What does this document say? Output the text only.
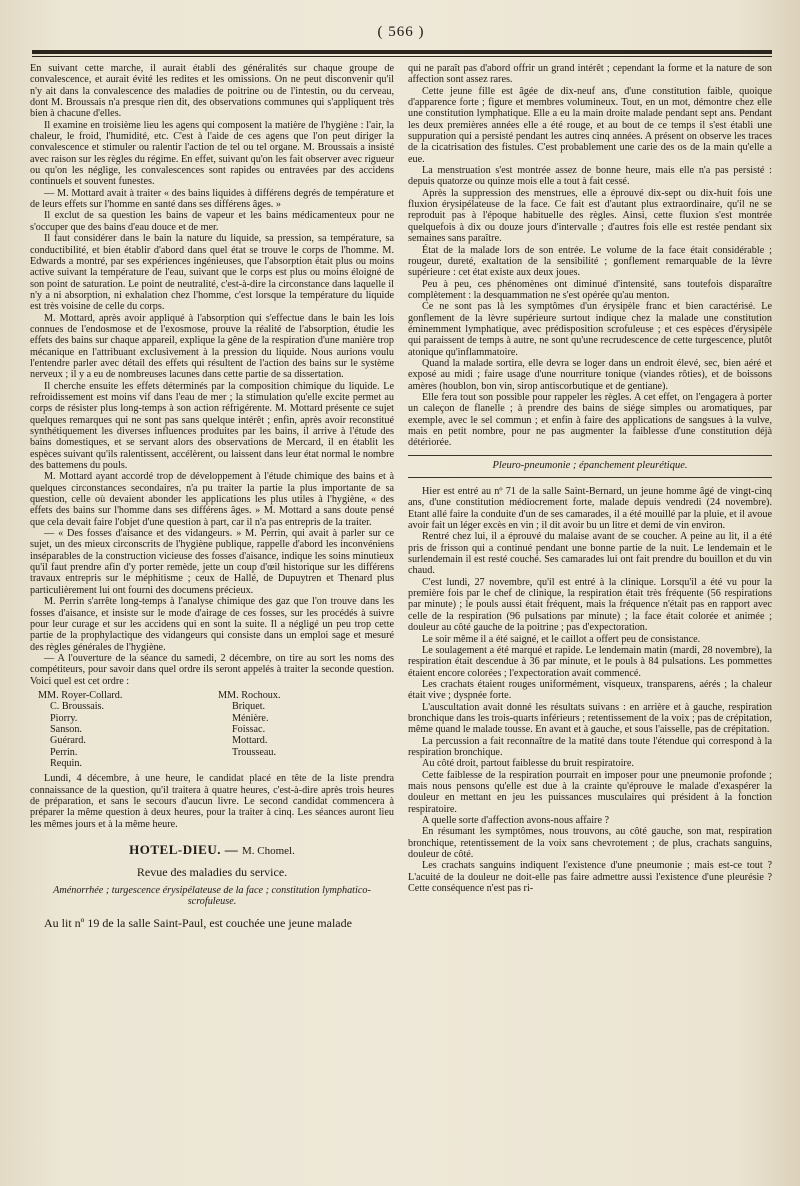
( 566 )

En suivant cette marche, il aurait établi des généralités sur chaque groupe de convalescence, et aurait évité les redites et les omissions. On ne peut disconvenir qu'il n'y ait dans la convalescence des maladies de poitrine ou de l'intestin, ou du cerveau, dont M. Broussais n'a presque rien dit, des observations communes qui s'appliquent très bien à chacune d'elles.

Il examine en troisième lieu les agens qui composent la matière de l'hygiène : l'air, la chaleur, le froid, l'humidité, etc. C'est à l'aide de ces agens que l'on peut diriger la convalescence et stimuler ou ralentir l'action de tel ou tel organe. M. Broussais a insisté avec raison sur les règles du régime. En effet, suivant qu'on les fait observer avec rigueur ou qu'on les néglige, les convalescences sont rapides ou entravées par des accidens continuels et souvent funestes.

— M. Mottard avait à traiter « des bains liquides à différens degrés de température et de leurs effets sur l'homme en santé dans ses différens âges. »

Il exclut de sa question les bains de vapeur et les bains médicamenteux pour ne s'occuper que des bains d'eau douce et de mer.

Il faut considérer dans le bain la nature du liquide, sa pression, sa température, sa conductibilité, et bien établir d'abord dans quel état se trouve le corps de l'homme. M. Edwards a montré, par ses expériences ingénieuses, que l'absorption était plus ou moins active suivant la température de l'eau, suivant que le corps est plus ou moins éloigné de son point de saturation. Le point de neutralité, c'est-à-dire la circonstance dans laquelle il n'y a ni absorption, ni exhalation chez l'homme, c'est lorsque la température du liquide est très voisine de celle du corps.

M. Mottard, après avoir appliqué à l'absorption qui s'effectue dans le bain les lois connues de l'endosmose et de l'exosmose, prouve la réalité de l'absorption, étudie les effets des bains sur chaque appareil, explique la gêne de la respiration d'une manière trop mécanique en l'attribuant exclusivement à la pression du liquide. Nous aurions voulu l'entendre parler avec détail des effets qui résultent de l'action des bains sur le système nerveux ; il y a eu de nombreuses lacunes dans cette partie de sa dissertation.

Il cherche ensuite les effets déterminés par la composition chimique du liquide. Le refroidissement est moins vif dans l'eau de mer ; la stimulation qu'elle excite permet au corps de résister plus long-temps à son action réfrigérente. M. Mottard présente ce sujet quelques remarques qui ne sont pas sans quelque intérêt ; enfin, après avoir reconstitué synthétiquement les diverses influences produites par les bains, il arrive à l'étude des bains domestiques, et se servant alors des observations de Mercard, il en établit les espèces suivant qu'ils ralentissent, accélèrent, ou laissent dans leur état normal le nombre des battemens du pouls.

M. Mottard ayant accordé trop de développement à l'étude chimique des bains et à quelques circonstances secondaires, n'a pu traiter la partie la plus importante de sa question, celle où devaient abonder les applications les plus utiles à l'hygiène, « des effets des bains sur l'homme dans ses différens âges. » M. Mottard a sans doute pensé que cela devait faire l'objet d'une question à part, car il n'a pas entrepris de la traiter.

— « Des fosses d'aisance et des vidangeurs. » M. Perrin, qui avait à parler sur ce sujet, un des mieux circonscrits de l'hygiène publique, rappelle d'abord les inconvéniens inséparables de la construction vicieuse des fosses d'aisance, indique les soins minutieux qu'il faut prendre afin d'y porter remède, jette un coup d'œil historique sur les différens travaux entrepris sur le méphitisme ; ceux de Hallé, de Dupuytren et Thenard plus particulièrement lui ont fourni des documens précieux.

M. Perrin s'arrête long-temps à l'analyse chimique des gaz que l'on trouve dans les fosses d'aisance, et insiste sur le mode d'airage de ces fosses, sur les procédés à suivre pour leur curage et sur les accidens qui en sont la suite. Il a négligé un peu trop cette partie de la prophylactique des vidangeurs qui consiste dans un emploi sage et mesuré des règles générales de l'hygiène.

— A l'ouverture de la séance du samedi, 2 décembre, on tire au sort les noms des compétiteurs, pour savoir dans quel ordre ils seront appelés à traiter la seconde question. Voici quel est cet ordre :

MM. Royer-Collard.
C. Broussais.
Piorry.
Sanson.
Guérard.
Perrin.
Requin.
MM. Rochoux.
Briquet.
Ménière.
Foissac.
Mottard.
Trousseau.

Lundi, 4 décembre, à une heure, le candidat placé en tête de la liste prendra connaissance de la question, qu'il traitera à quatre heures, c'est-à-dire après trois heures de préparation, et sans le secours d'aucun livre. Le second candidat commencera à préparer la même question à deux heures, pour la traiter à cinq. Les séances auront lieu les mêmes jours et à la même heure.

HOTEL-DIEU. — M. Chomel.
Revue des maladies du service.

Aménorrhée ; turgescence érysipélateuse de la face ; constitution lymphatico-scrofuleuse.

Au lit nº 19 de la salle Saint-Paul, est couchée une jeune malade

qui ne paraît pas d'abord offrir un grand intérêt ; cependant la forme et la nature de son affection sont assez rares.

Cette jeune fille est âgée de dix-neuf ans, d'une constitution faible, quoique d'apparence forte ; figure et membres volumineux. Tout, en un mot, démontre chez elle une constitution lymphatique. Elle a eu la main droite malade pendant sept ans. Pendant les deux premières années elle a été rouge, et au bout de ce temps il s'est établi une suppuration qui a persisté pendant les autres cinq années. A présent on observe les traces de la cicatrisation des fistules. C'est probablement une carie des os de la main qu'elle a eue.

La menstruation s'est montrée assez de bonne heure, mais elle n'a pas persisté : depuis quatorze ou quinze mois elle a tout à fait cessé.

Après la suppression des menstrues, elle a éprouvé dix-sept ou dix-huit fois une fluxion érysipélateuse de la face. Ce fait est d'autant plus extraordinaire, qu'il ne se reproduit pas à l'époque habituelle des règles. Ainsi, cette fluxion s'est montrée quelquefois à dix ou douze jours d'intervalle ; d'autres fois elle est restée pendant six semaines sans paraître.

État de la malade lors de son entrée. Le volume de la face était considérable ; rougeur, dureté, exaltation de la sensibilité ; gonflement remarquable de la lèvre supérieure : cet état existe aux deux joues.

Peu à peu, ces phénomènes ont diminué d'intensité, sans toutefois disparaître complètement : la desquammation ne s'est opérée qu'au menton.

Ce ne sont pas là les symptômes d'un érysipèle franc et bien caractérisé. Le gonflement de la lèvre supérieure surtout indique chez la malade une constitution éminemment lymphatique, avec prédisposition scrofuleuse ; et ces espèces d'érysipèle qui paraissent de temps à autre, ne sont qu'une recrudescence de cette turgescence, plutôt atonique qu'inflammatoire.

Quand la malade sortira, elle devra se loger dans un endroit élevé, sec, bien aéré et exposé au midi ; faire usage d'une nourriture tonique (viandes rôties), et de boissons amères (houblon, bon vin, sirop antiscorbutique et de gentiane).

Elle fera tout son possible pour rappeler les règles. A cet effet, on l'engagera à porter un caleçon de flanelle ; à prendre des bains de siége simples ou aromatiques, par exemple, avec le sel commun ; et enfin à faire des applications de sangsues à la vulve, mais en petit nombre, pour ne pas augmenter la faiblesse d'une constitution déjà détériorée.

Pleuro-pneumonie ; épanchement pleurétique.

Hier est entré au nº 71 de la salle Saint-Bernard, un jeune homme âgé de vingt-cinq ans, d'une constitution médiocrement forte, malade depuis vendredi (24 novembre). Etant allé faire la conduite d'un de ses camarades, il a été mouillé par la pluie, et il avoue avoir fait un léger excès en vin ; il dit avoir bu un litre et demi de vin environ.

Rentré chez lui, il a éprouvé du malaise avant de se coucher. A peine au lit, il a été pris de frisson qui a continué pendant une bonne partie de la nuit. Le lendemain et le surlendemain il est resté couché. Ses camarades lui ont fait prendre du bouillon et du vin chaud.

C'est lundi, 27 novembre, qu'il est entré à la clinique. Lorsqu'il a été vu pour la première fois par le chef de clinique, la respiration était très fréquente (56 respirations par minute) ; le pouls aussi était fréquent, mais la fréquence n'était pas en rapport avec celle de la respiration (96 pulsations par minute) ; la face était colorée et animée ; douleur au côté gauche de la poitrine ; pas d'expectoration.

Le soir même il a été saigné, et le caillot a offert peu de consistance.

Le soulagement a été marqué et rapide. Le lendemain matin (mardi, 28 novembre), la respiration était descendue à 36 par minute, et le pouls à 84 pulsations. Les pommettes étaient encore colorées ; l'expectoration avait commencé.

Les crachats étaient rouges uniformément, visqueux, transparens, aérés ; la chaleur était vive ; dyspnée forte.

L'auscultation avait donné les résultats suivans : en arrière et à gauche, respiration bronchique dans les trois-quarts inférieurs ; retentissement de la voix ; pas de crépitation, même quand le malade tousse. En avant et à gauche, et sous l'aisselle, pas de crépitation.

La percussion a fait reconnaître de la matité dans toute l'étendue qui correspond à la respiration bronchique.

Au côté droit, partout faiblesse du bruit respiratoire.

Cette faiblesse de la respiration pourrait en imposer pour une pneumonie profonde ; mais nous pensons qu'elle est due à la crainte qu'éprouve le malade d'exaspérer la douleur en mettant en jeu les puissances musculaires qui président à la fonction respiratoire.

A quelle sorte d'affection avons-nous affaire ?

En résumant les symptômes, nous trouvons, au côté gauche, son mat, respiration bronchique, retentissement de la voix sans chevrotement ; de plus, crachats sanguins, douleur de côté.

Les crachats sanguins indiquent l'existence d'une pneumonie ; mais est-ce tout ? L'acuité de la douleur ne doit-elle pas faire admettre aussi l'existence d'une pleurésie ? Cette conséquence n'est pas ri-
